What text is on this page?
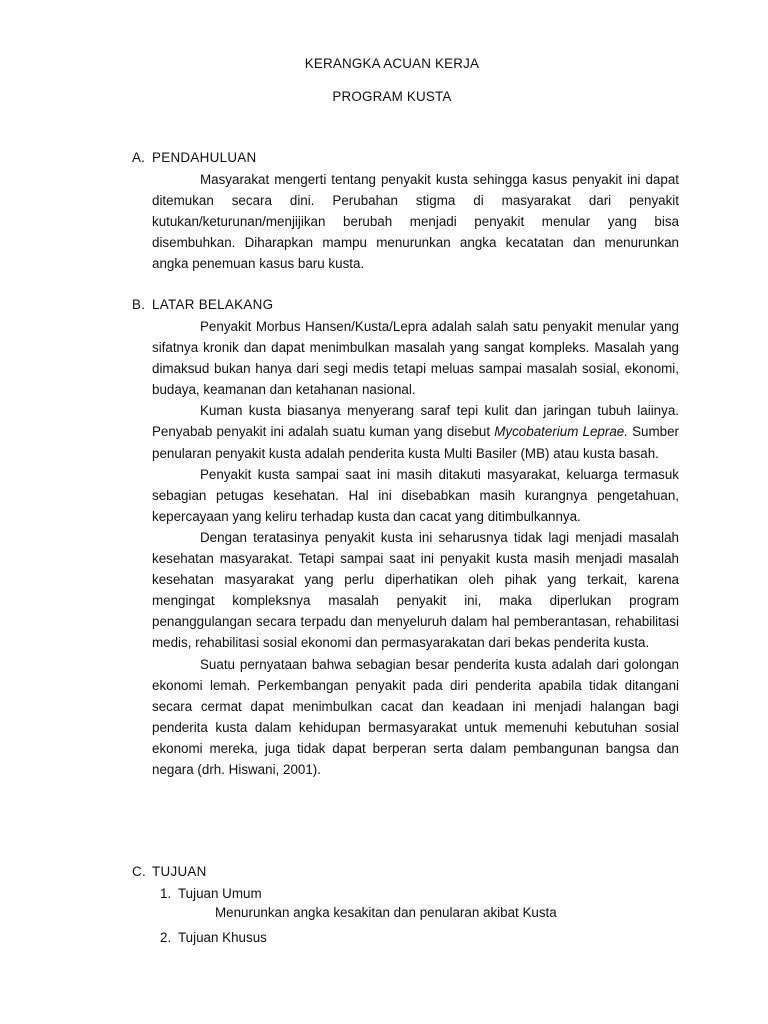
KERANGKA ACUAN KERJA
PROGRAM KUSTA
A. PENDAHULUAN

Masyarakat mengerti tentang penyakit kusta sehingga kasus penyakit ini dapat ditemukan secara dini. Perubahan stigma di masyarakat dari penyakit kutukan/keturunan/menjijikan berubah menjadi penyakit menular yang bisa disembuhkan. Diharapkan mampu menurunkan angka kecatatan dan menurunkan angka penemuan kasus baru kusta.

B. LATAR BELAKANG

Penyakit Morbus Hansen/Kusta/Lepra adalah salah satu penyakit menular yang sifatnya kronik dan dapat menimbulkan masalah yang sangat kompleks. Masalah yang dimaksud bukan hanya dari segi medis tetapi meluas sampai masalah sosial, ekonomi, budaya, keamanan dan ketahanan nasional.

Kuman kusta biasanya menyerang saraf tepi kulit dan jaringan tubuh laiinya. Penyabab penyakit ini adalah suatu kuman yang disebut Mycobaterium Leprae. Sumber penularan penyakit kusta adalah penderita kusta Multi Basiler (MB) atau kusta basah.

Penyakit kusta sampai saat ini masih ditakuti masyarakat, keluarga termasuk sebagian petugas kesehatan. Hal ini disebabkan masih kurangnya pengetahuan, kepercayaan yang keliru terhadap kusta dan cacat yang ditimbulkannya.

Dengan teratasinya penyakit kusta ini seharusnya tidak lagi menjadi masalah kesehatan masyarakat. Tetapi sampai saat ini penyakit kusta masih menjadi masalah kesehatan masyarakat yang perlu diperhatikan oleh pihak yang terkait, karena mengingat kompleksnya masalah penyakit ini, maka diperlukan program penanggulangan secara terpadu dan menyeluruh dalam hal pemberantasan, rehabilitasi medis, rehabilitasi sosial ekonomi dan permasyarakatan dari bekas penderita kusta.

Suatu pernyataan bahwa sebagian besar penderita kusta adalah dari golongan ekonomi lemah. Perkembangan penyakit pada diri penderita apabila tidak ditangani secara cermat dapat menimbulkan cacat dan keadaan ini menjadi halangan bagi penderita kusta dalam kehidupan bermasyarakat untuk memenuhi kebutuhan sosial ekonomi mereka, juga tidak dapat berperan serta dalam pembangunan bangsa dan negara (drh. Hiswani, 2001).

C. TUJUAN
1. Tujuan Umum
Menurunkan angka kesakitan dan penularan akibat Kusta
2. Tujuan Khusus
